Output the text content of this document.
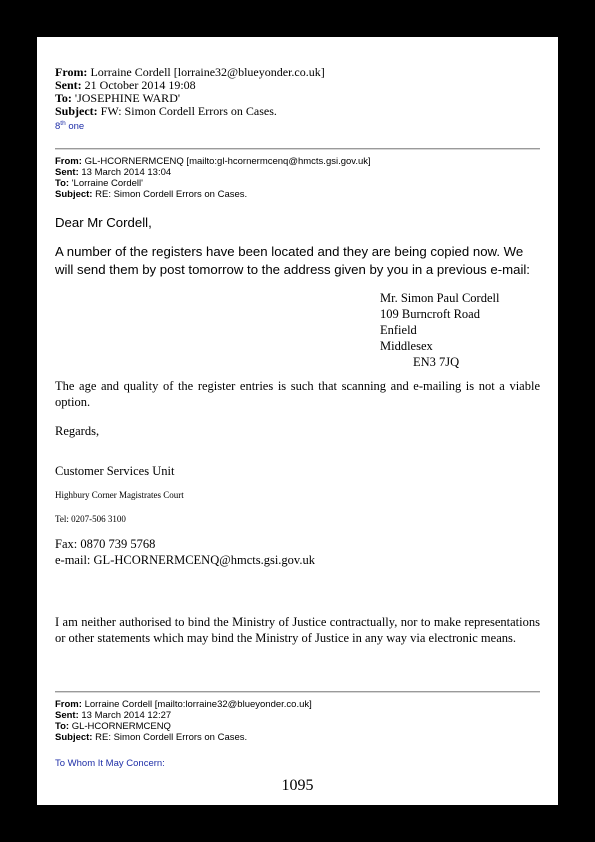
From: Lorraine Cordell [lorraine32@blueyonder.co.uk]
Sent: 21 October 2014 19:08
To: 'JOSEPHINE WARD'
Subject: FW: Simon Cordell Errors on Cases.
8th one
From: GL-HCORNERMCENQ [mailto:gl-hcornermcenq@hmcts.gsi.gov.uk]
Sent: 13 March 2014 13:04
To: 'Lorraine Cordell'
Subject: RE: Simon Cordell Errors on Cases.
Dear Mr Cordell,
A number of the registers have been located and they are being copied now. We
will send them by post tomorrow to the address given by you in a previous e-mail:
Mr. Simon Paul Cordell
109 Burncroft Road
Enfield
Middlesex
EN3 7JQ
The age and quality of the register entries is such that scanning and e-mailing is not a viable option.
Regards,
Customer Services Unit
Highbury Corner Magistrates Court
Tel: 0207-506 3100
Fax: 0870 739 5768
e-mail: GL-HCORNERMCENQ@hmcts.gsi.gov.uk
I am neither authorised to bind the Ministry of Justice contractually, nor to make representations or other statements which may bind the Ministry of Justice in any way via electronic means.
From: Lorraine Cordell [mailto:lorraine32@blueyonder.co.uk]
Sent: 13 March 2014 12:27
To: GL-HCORNERMCENQ
Subject: RE: Simon Cordell Errors on Cases.
To Whom It May Concern:
1095
